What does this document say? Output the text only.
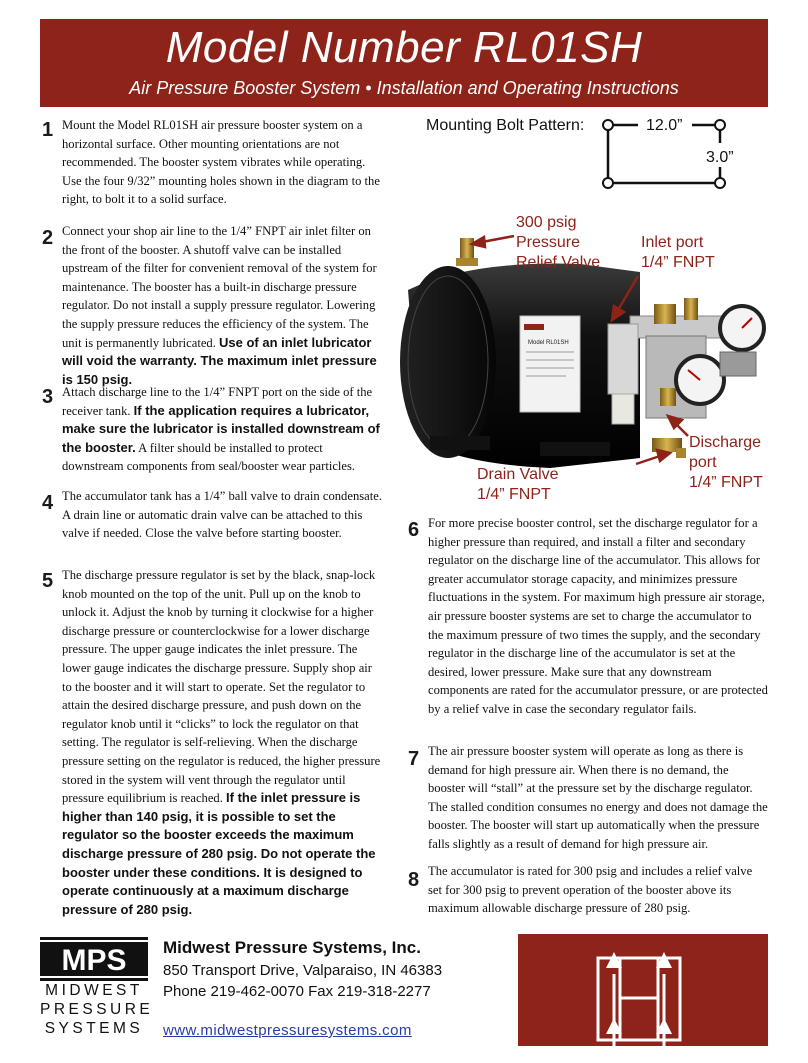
Model Number RL01SH
Air Pressure Booster System • Installation and Operating Instructions
1 Mount the Model RL01SH air pressure booster system on a horizontal surface. Other mounting orientations are not recommended. The booster system vibrates while operating. Use the four 9/32” mounting holes shown in the diagram to the right, to bolt it to a solid surface.
2 Connect your shop air line to the 1/4” FNPT air inlet filter on the front of the booster. A shutoff valve can be installed upstream of the filter for convenient removal of the system for maintenance. The booster has a built-in discharge pressure regulator. Do not install a supply pressure regulator. Lowering the supply pressure reduces the efficiency of the system. The unit is permanently lubricated. Use of an inlet lubricator will void the warranty. The maximum inlet pressure is 150 psig.
3 Attach discharge line to the 1/4” FNPT port on the side of the receiver tank. If the application requires a lubricator, make sure the lubricator is installed downstream of the booster. A filter should be installed to protect downstream components from seal/booster wear particles.
4 The accumulator tank has a 1/4” ball valve to drain condensate. A drain line or automatic drain valve can be attached to this valve if needed. Close the valve before starting booster.
5 The discharge pressure regulator is set by the black, snap-lock knob mounted on the top of the unit. Pull up on the knob to unlock it. Adjust the knob by turning it clockwise for a higher discharge pressure or counterclockwise for a lower discharge pressure. The upper gauge indicates the inlet pressure. The lower gauge indicates the discharge pressure. Supply shop air to the booster and it will start to operate. Set the regulator to attain the desired discharge pressure, and push down on the regulator knob until it “clicks” to lock the regulator on that setting. The regulator is self-relieving. When the discharge pressure setting on the regulator is reduced, the higher pressure stored in the system will vent through the regulator until pressure equilibrium is reached. If the inlet pressure is higher than 140 psig, it is possible to set the regulator so the booster exceeds the maximum discharge pressure of 280 psig. Do not operate the booster under these conditions. It is designed to operate continuously at a maximum discharge pressure of 280 psig.
Mounting Bolt Pattern:	12.0”
3.0”
Model RL01SH
300 psig
Pressure
Relief Valve
Inlet port
1/4” FNPT
Discharge
port
1/4” FNPT
Drain Valve
1/4” FNPT
6 For more precise booster control, set the discharge regulator for a higher pressure than required, and install a filter and secondary regulator on the discharge line of the accumulator. This allows for greater accumulator storage capacity, and minimizes pressure fluctuations in the system. For maximum high pressure air storage, air pressure booster systems are set to charge the accumulator to the maximum pressure of two times the supply, and the secondary regulator in the discharge line of the accumulator is set at the desired, lower pressure. Make sure that any downstream components are rated for the accumulator pressure, or are protected by a relief valve in case the secondary regulator fails.
7 The air pressure booster system will operate as long as there is demand for high pressure air. When there is no demand, the booster will “stall” at the pressure set by the discharge regulator. The stalled condition consumes no energy and does not damage the booster. The booster will start up automatically when the pressure falls slightly as a result of demand for high pressure air.
8 The accumulator is rated for 300 psig and includes a relief valve set for 300 psig to prevent operation of the booster above its maximum allowable discharge pressure of 280 psig.
MPS
MIDWEST
PRESSURE
SYSTEMS
Midwest Pressure Systems, Inc.
850 Transport Drive, Valparaiso, IN 46383
Phone 219-462-0070 Fax 219-318-2277
www.midwestpressuresystems.com
